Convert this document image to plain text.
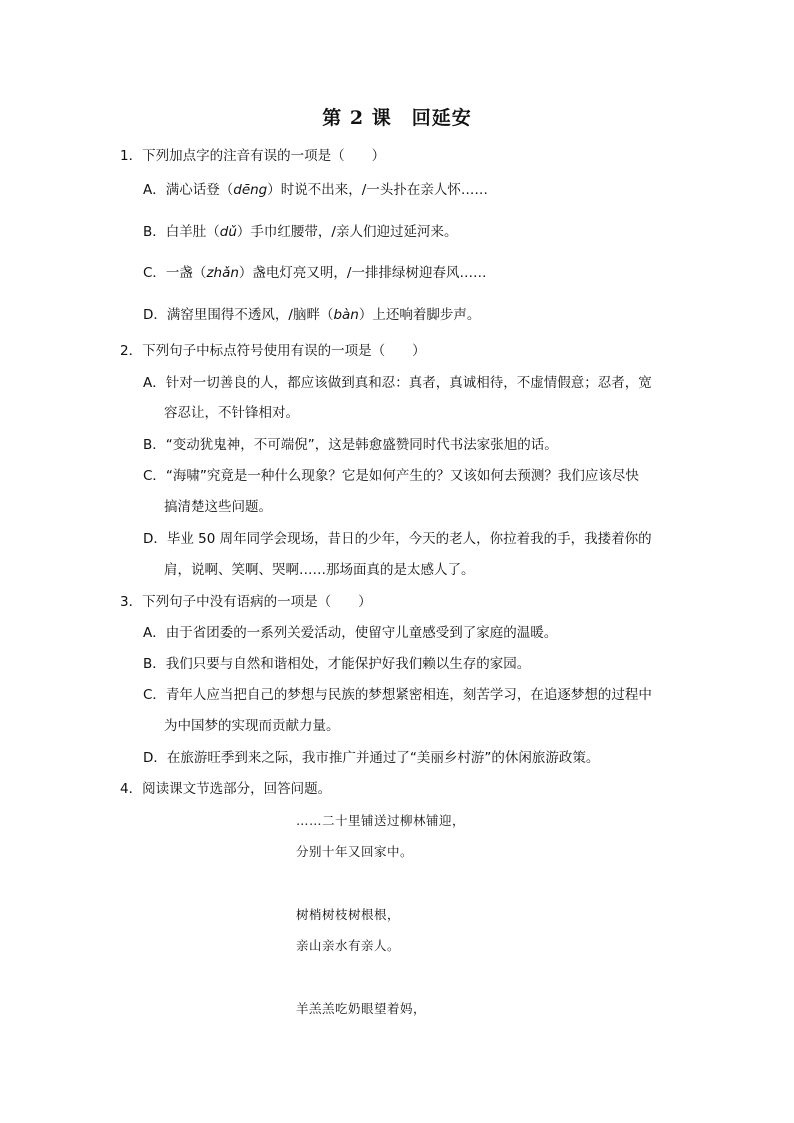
第 2 课　回延安
1．下列加点字的注音有误的一项是（　　）
A．满心话登（dēng）时说不出来，/一头扑在亲人怀……
B．白羊肚（dǔ）手巾红腰带，/亲人们迎过延河来。
C．一盏（zhǎn）盏电灯亮又明，/一排排绿树迎春风……
D．满窑里围得不透风，/脑畔（bàn）上还响着脚步声。
2．下列句子中标点符号使用有误的一项是（　　）
A．针对一切善良的人，都应该做到真和忍：真者，真诚相待，不虚情假意；忍者，宽
容忍让，不针锋相对。
B．“变动犹鬼神，不可端倪”，这是韩愈盛赞同时代书法家张旭的话。
C．“海啸”究竟是一种什么现象？它是如何产生的？又该如何去预测？我们应该尽快
搞清楚这些问题。
D．毕业 50 周年同学会现场，昔日的少年，今天的老人，你拉着我的手，我搂着你的
肩，说啊、笑啊、哭啊……那场面真的是太感人了。
3．下列句子中没有语病的一项是（　　）
A．由于省团委的一系列关爱活动，使留守儿童感受到了家庭的温暖。
B．我们只要与自然和谐相处，才能保护好我们赖以生存的家园。
C．青年人应当把自己的梦想与民族的梦想紧密相连，刻苦学习，在追逐梦想的过程中
为中国梦的实现而贡献力量。
D．在旅游旺季到来之际，我市推广并通过了“美丽乡村游”的休闲旅游政策。
4．阅读课文节选部分，回答问题。
……二十里铺送过柳林铺迎，
分别十年又回家中。
树梢树枝树根根，
亲山亲水有亲人。
羊羔羔吃奶眼望着妈，
